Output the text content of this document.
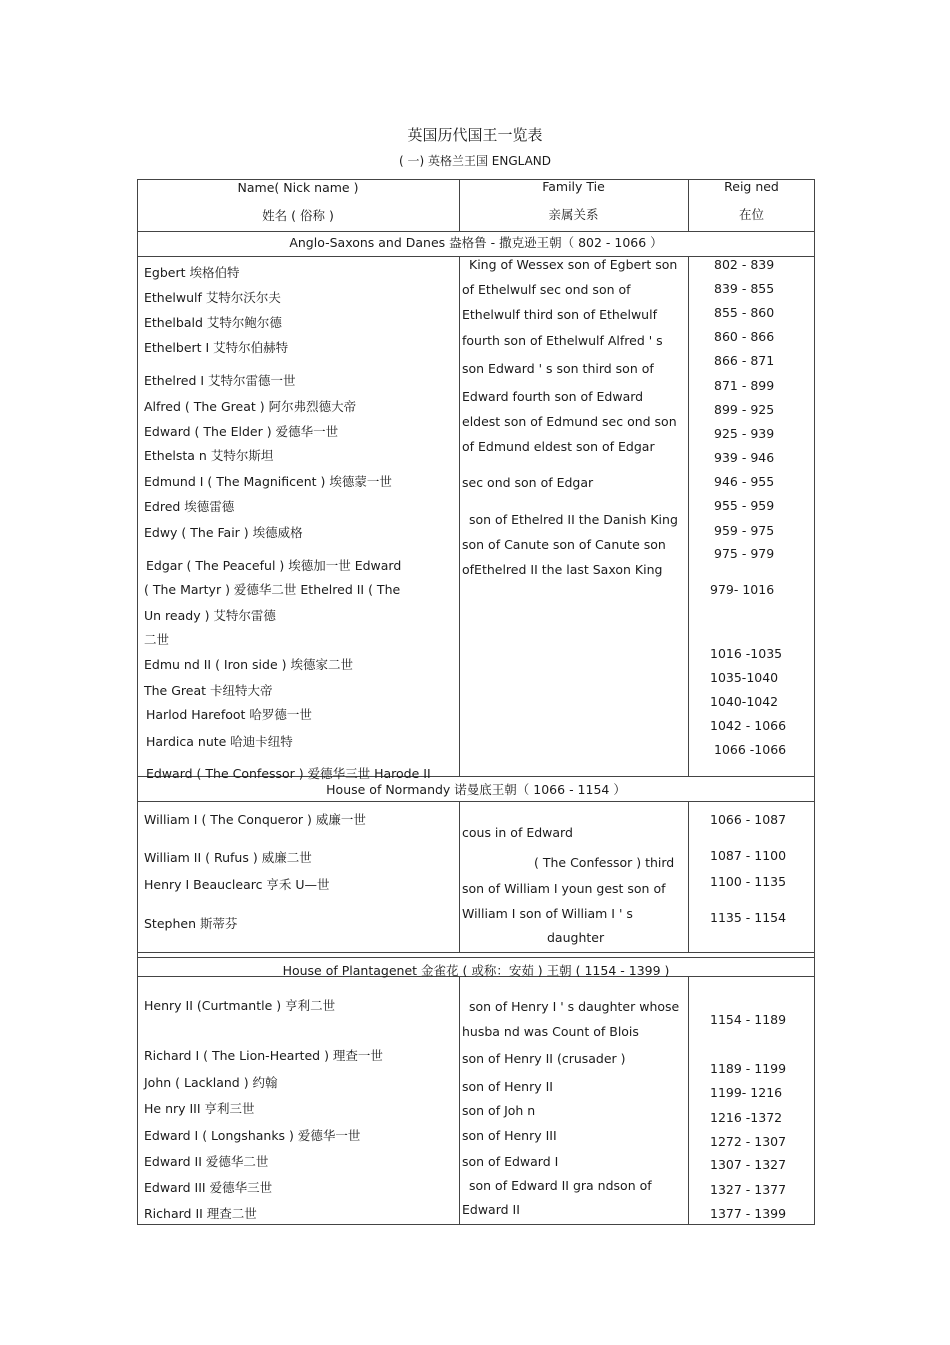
英国历代国王一览表
( 一) 英格兰王国 ENGLAND
Name( Nick name )
姓名 ( 俗称 )
Family Tie
亲属关系
Reig ned
在位
Anglo-Saxons and Danes 盎格鲁 - 撒克逊王朝（ 802 - 1066 ）
Egbert 埃格伯特
Ethelwulf 艾特尔沃尔夫
Ethelbald 艾特尔鲍尔德
Ethelbert I 艾特尔伯赫特
Ethelred I 艾特尔雷德一世
Alfred ( The Great ) 阿尔弗烈德大帝
Edward ( The Elder ) 爱德华一世
Ethelsta n 艾特尔斯坦
Edmund I ( The Magnificent ) 埃德蒙一世
Edred 埃德雷德
Edwy ( The Fair ) 埃德威格
Edgar ( The Peaceful ) 埃德加一世 Edward
( The Martyr ) 爱德华二世 Ethelred II ( The
Un ready ) 艾特尔雷德
二世
Edmu nd II ( Iron side ) 埃德家二世
The Great 卡纽特大帝
Harlod Harefoot 哈罗德一世
Hardica nute 哈迪卡纽特
Edward ( The Confessor ) 爱德华三世 Harode II
King of Wessex son of Egbert son
of Ethelwulf sec ond son of
Ethelwulf third son of Ethelwulf
fourth son of Ethelwulf Alfred ' s
son Edward ' s son third son of
Edward fourth son of Edward
eldest son of Edmund sec ond son
of Edmund eldest son of Edgar
sec ond son of Edgar
son of Ethelred II the Danish King
son of Canute son of Canute son
ofEthelred II the last Saxon King
802 - 839
839 - 855
855 - 860
860 - 866
866 - 871
871 - 899
899 - 925
925 - 939
939 - 946
946 - 955
955 - 959
959 - 975
975 - 979
979- 1016
1016 -1035
1035-1040
1040-1042
1042 - 1066
1066 -1066
House of Normandy 诺曼底王朝（ 1066 - 1154 ）
William I ( The Conqueror ) 威廉一世
William II ( Rufus ) 威廉二世
Henry I Beauclearc 亨禾 U—世
Stephen 斯蒂芬
cous in of Edward
( The Confessor ) third
son of William I youn gest son of
William I son of William I ' s
daughter
1066 - 1087
1087 - 1100
1100 - 1135
1135 - 1154
House of Plantagenet 金雀花 ( 或称：安茹 ) 王朝 ( 1154 - 1399 )
Henry II (Curtmantle ) 亨利二世
Richard I ( The Lion-Hearted ) 理查一世
John ( Lackland ) 约翰
He nry III 亨利三世
Edward I ( Longshanks ) 爱德华一世
Edward II 爱德华二世
Edward III 爱德华三世
Richard II 理查二世
son of Henry I ' s daughter whose
husba nd was Count of Blois
son of Henry II (crusader )
son of Henry II
son of Joh n
son of Henry III
son of Edward I
son of Edward II gra ndson of
Edward II
1154 - 1189
1189 - 1199
1199- 1216
1216 -1372
1272 - 1307
1307 - 1327
1327 - 1377
1377 - 1399
